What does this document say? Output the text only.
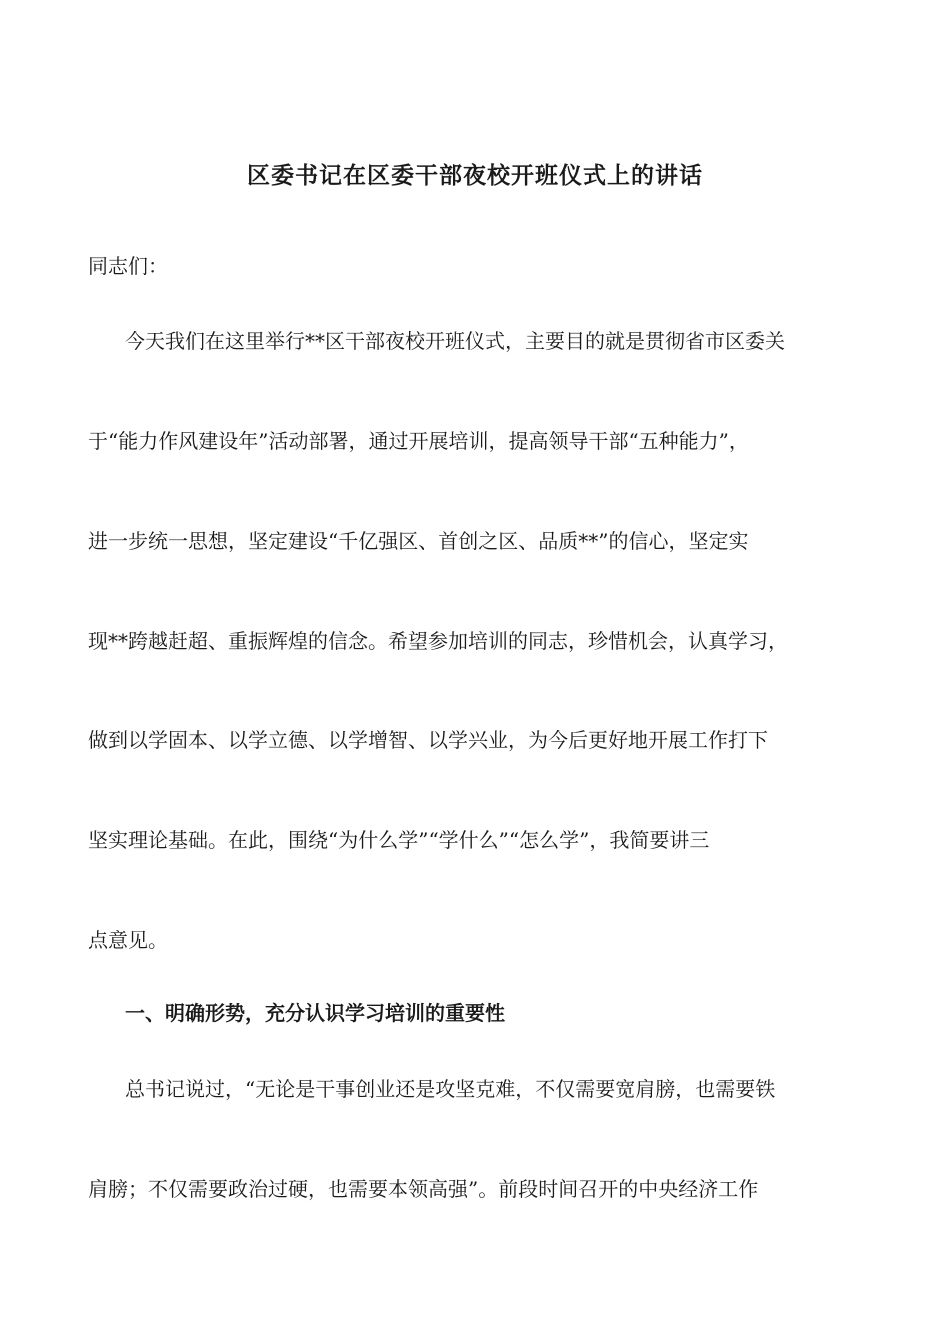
区委书记在区委干部夜校开班仪式上的讲话
同志们：
今天我们在这里举行**区干部夜校开班仪式，主要目的就是贯彻省市区委关
于“能力作风建设年”活动部署，通过开展培训，提高领导干部“五种能力”，
进一步统一思想，坚定建设“千亿强区、首创之区、品质**”的信心，坚定实
现**跨越赶超、重振辉煌的信念。希望参加培训的同志，珍惜机会，认真学习，
做到以学固本、以学立德、以学增智、以学兴业，为今后更好地开展工作打下
坚实理论基础。在此，围绕“为什么学”“学什么”“怎么学”，我简要讲三
点意见。
一、明确形势，充分认识学习培训的重要性
总书记说过，“无论是干事创业还是攻坚克难，不仅需要宽肩膀，也需要铁
肩膀；不仅需要政治过硬，也需要本领高强”。前段时间召开的中央经济工作
